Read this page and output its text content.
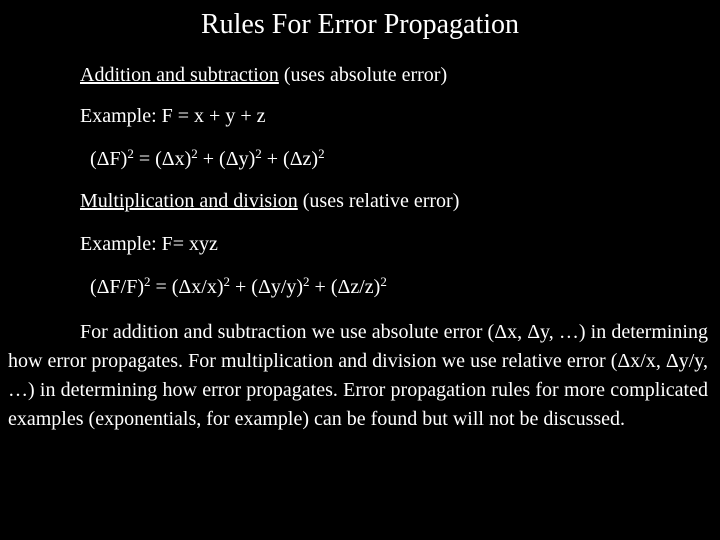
Rules For Error Propagation
Addition and subtraction (uses absolute error)
Example: F = x + y + z
$(\Delta F)^2 = (\Delta x)^2 + (\Delta y)^2 + (\Delta z)^2$
Multiplication and division (uses relative error)
Example: F= xyz
$(\Delta F/F)^2 = (\Delta x/x)^2 + (\Delta y/y)^2 + (\Delta z/z)^2$
For addition and subtraction we use absolute error (Δx, Δy, …) in determining how error propagates. For multiplication and division we use relative error (Δx/x, Δy/y, …) in determining how error propagates. Error propagation rules for more complicated examples (exponentials, for example) can be found but will not be discussed.
